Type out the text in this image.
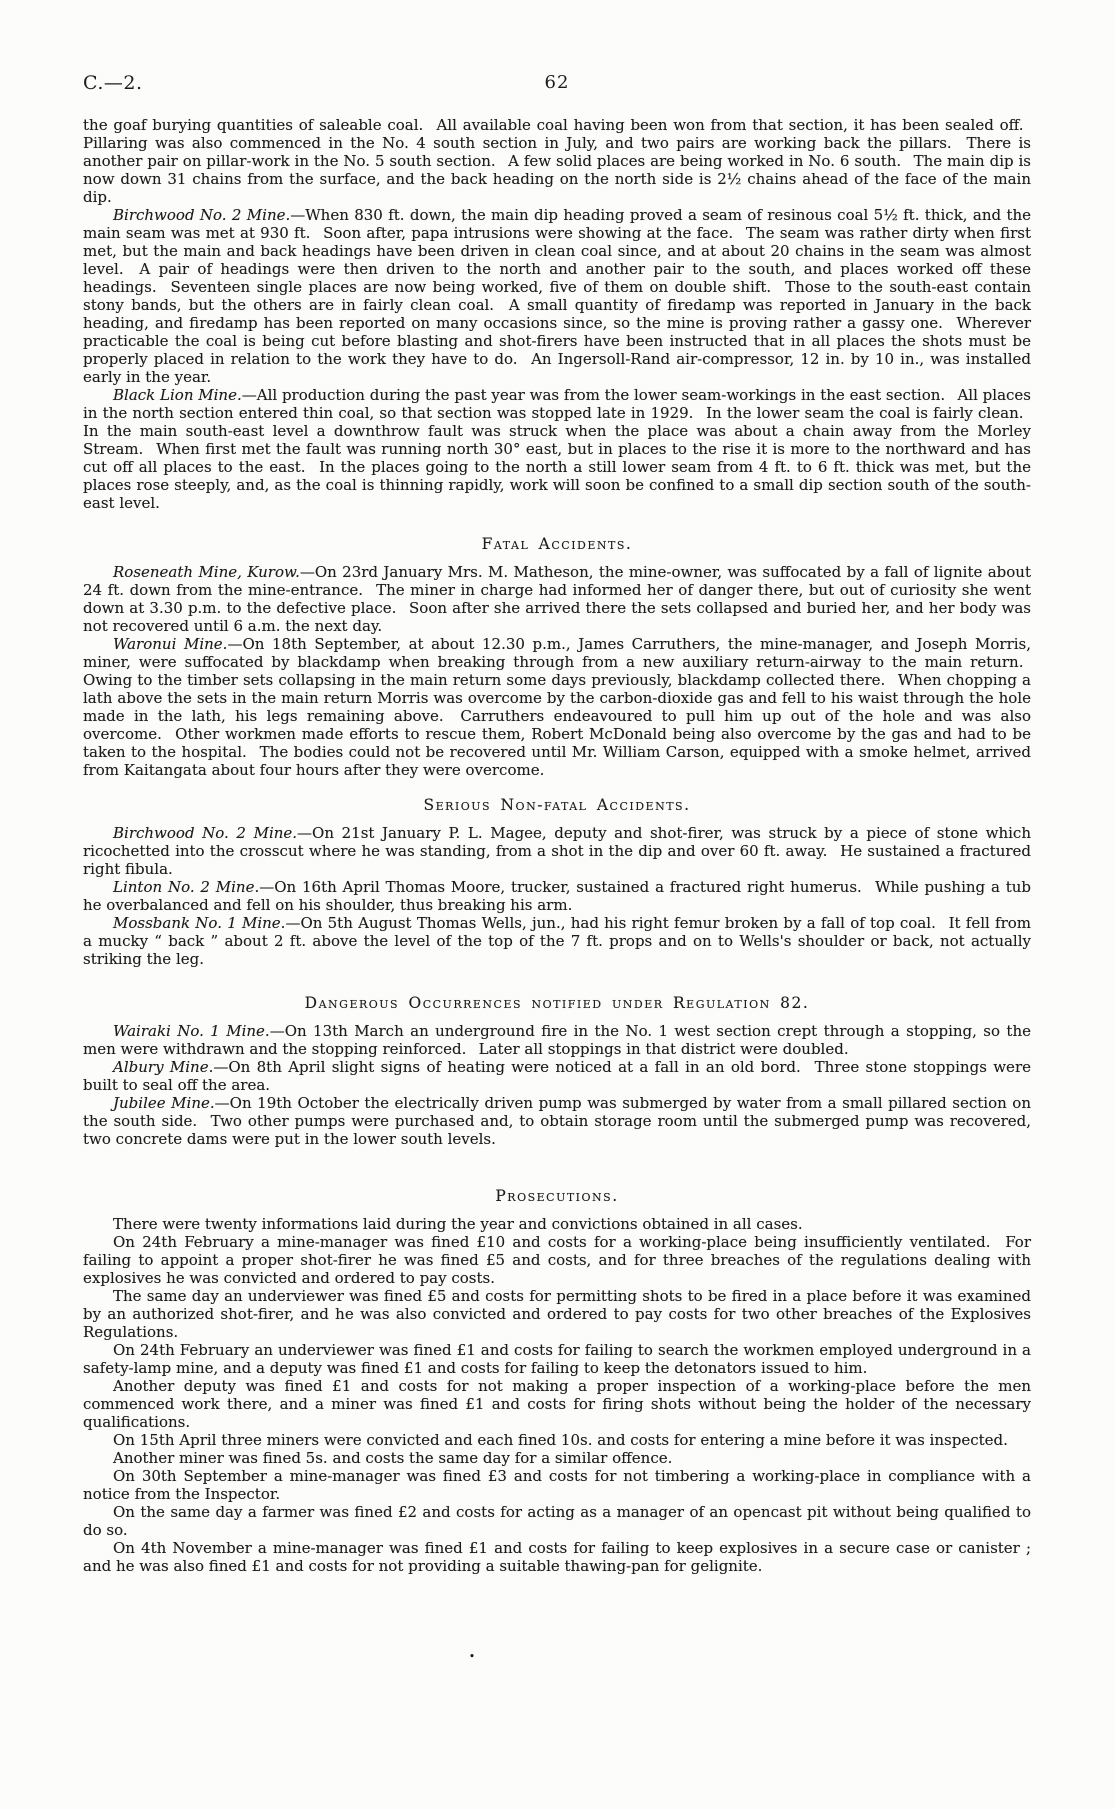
C.—2.	62

the goaf burying quantities of saleable coal.  All available coal having been won from that section, it has been sealed off.  Pillaring was also commenced in the No. 4 south section in July, and two pairs are working back the pillars.  There is another pair on pillar-work in the No. 5 south section.  A few solid places are being worked in No. 6 south.  The main dip is now down 31 chains from the surface, and the back heading on the north side is 2½ chains ahead of the face of the main dip.

Birchwood No. 2 Mine.—When 830 ft. down, the main dip heading proved a seam of resinous coal 5½ ft. thick, and the main seam was met at 930 ft.  Soon after, papa intrusions were showing at the face.  The seam was rather dirty when first met, but the main and back headings have been driven in clean coal since, and at about 20 chains in the seam was almost level.  A pair of headings were then driven to the north and another pair to the south, and places worked off these headings.  Seventeen single places are now being worked, five of them on double shift.  Those to the south-east contain stony bands, but the others are in fairly clean coal.  A small quantity of firedamp was reported in January in the back heading, and firedamp has been reported on many occasions since, so the mine is proving rather a gassy one.  Wherever practicable the coal is being cut before blasting and shot-firers have been instructed that in all places the shots must be properly placed in relation to the work they have to do.  An Ingersoll-Rand air-compressor, 12 in. by 10 in., was installed early in the year.

Black Lion Mine.—All production during the past year was from the lower seam-workings in the east section.  All places in the north section entered thin coal, so that section was stopped late in 1929.  In the lower seam the coal is fairly clean.  In the main south-east level a downthrow fault was struck when the place was about a chain away from the Morley Stream.  When first met the fault was running north 30° east, but in places to the rise it is more to the northward and has cut off all places to the east.  In the places going to the north a still lower seam from 4 ft. to 6 ft. thick was met, but the places rose steeply, and, as the coal is thinning rapidly, work will soon be confined to a small dip section south of the south-east level.

Fatal Accidents.

Roseneath Mine, Kurow.—On 23rd January Mrs. M. Matheson, the mine-owner, was suffocated by a fall of lignite about 24 ft. down from the mine-entrance.  The miner in charge had informed her of danger there, but out of curiosity she went down at 3.30 p.m. to the defective place.  Soon after she arrived there the sets collapsed and buried her, and her body was not recovered until 6 a.m. the next day.

Waronui Mine.—On 18th September, at about 12.30 p.m., James Carruthers, the mine-manager, and Joseph Morris, miner, were suffocated by blackdamp when breaking through from a new auxiliary return-airway to the main return.  Owing to the timber sets collapsing in the main return some days previously, blackdamp collected there.  When chopping a lath above the sets in the main return Morris was overcome by the carbon-dioxide gas and fell to his waist through the hole made in the lath, his legs remaining above.  Carruthers endeavoured to pull him up out of the hole and was also overcome.  Other workmen made efforts to rescue them, Robert McDonald being also overcome by the gas and had to be taken to the hospital.  The bodies could not be recovered until Mr. William Carson, equipped with a smoke helmet, arrived from Kaitangata about four hours after they were overcome.

Serious Non-fatal Accidents.

Birchwood No. 2 Mine.—On 21st January P. L. Magee, deputy and shot-firer, was struck by a piece of stone which ricochetted into the crosscut where he was standing, from a shot in the dip and over 60 ft. away.  He sustained a fractured right fibula.

Linton No. 2 Mine.—On 16th April Thomas Moore, trucker, sustained a fractured right humerus.  While pushing a tub he overbalanced and fell on his shoulder, thus breaking his arm.

Mossbank No. 1 Mine.—On 5th August Thomas Wells, jun., had his right femur broken by a fall of top coal.  It fell from a mucky “ back ” about 2 ft. above the level of the top of the 7 ft. props and on to Wells's shoulder or back, not actually striking the leg.

Dangerous Occurrences notified under Regulation 82.

Wairaki No. 1 Mine.—On 13th March an underground fire in the No. 1 west section crept through a stopping, so the men were withdrawn and the stopping reinforced.  Later all stoppings in that district were doubled.

Albury Mine.—On 8th April slight signs of heating were noticed at a fall in an old bord.  Three stone stoppings were built to seal off the area.

Jubilee Mine.—On 19th October the electrically driven pump was submerged by water from a small pillared section on the south side.  Two other pumps were purchased and, to obtain storage room until the submerged pump was recovered, two concrete dams were put in the lower south levels.

Prosecutions.

There were twenty informations laid during the year and convictions obtained in all cases.

On 24th February a mine-manager was fined £10 and costs for a working-place being insufficiently ventilated.  For failing to appoint a proper shot-firer he was fined £5 and costs, and for three breaches of the regulations dealing with explosives he was convicted and ordered to pay costs.

The same day an underviewer was fined £5 and costs for permitting shots to be fired in a place before it was examined by an authorized shot-firer, and he was also convicted and ordered to pay costs for two other breaches of the Explosives Regulations.

On 24th February an underviewer was fined £1 and costs for failing to search the workmen employed underground in a safety-lamp mine, and a deputy was fined £1 and costs for failing to keep the detonators issued to him.

Another deputy was fined £1 and costs for not making a proper inspection of a working-place before the men commenced work there, and a miner was fined £1 and costs for firing shots without being the holder of the necessary qualifications.

On 15th April three miners were convicted and each fined 10s. and costs for entering a mine before it was inspected.

Another miner was fined 5s. and costs the same day for a similar offence.

On 30th September a mine-manager was fined £3 and costs for not timbering a working-place in compliance with a notice from the Inspector.

On the same day a farmer was fined £2 and costs for acting as a manager of an opencast pit without being qualified to do so.

On 4th November a mine-manager was fined £1 and costs for failing to keep explosives in a secure case or canister ; and he was also fined £1 and costs for not providing a suitable thawing-pan for gelignite.

•
